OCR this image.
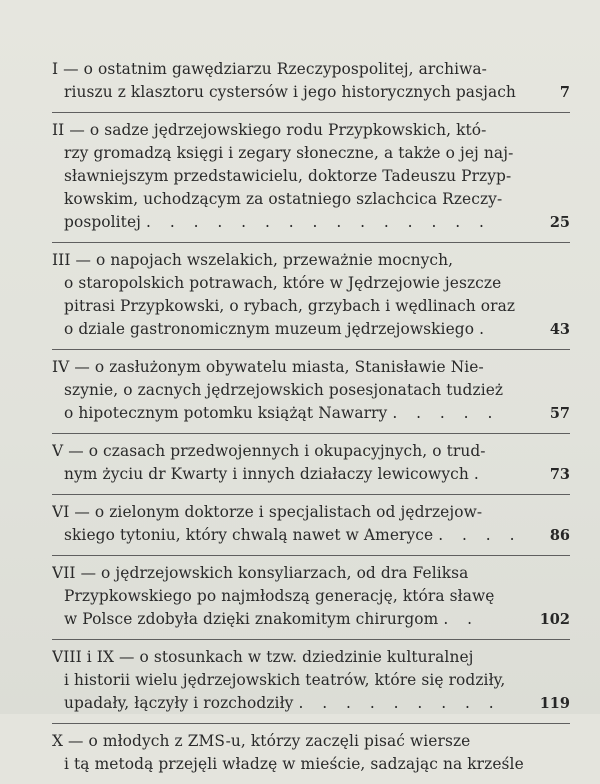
I — o ostatnim gawędziarzu Rzeczypospolitej, archiwa-
riuszu z klasztoru cystersów i jego historycznych pasjach	7
II — o sadze jędrzejowskiego rodu Przypkowskich, któ-
rzy gromadzą księgi i zegary słoneczne, a także o jej naj-
sławniejszym przedstawicielu, doktorze Tadeuszu Przyp-
kowskim, uchodzącym za ostatniego szlachcica Rzeczy-
pospolitej . . . . . . . . . . . . . . .	25
III — o napojach wszelakich, przeważnie mocnych,
o staropolskich potrawach, które w Jędrzejowie jeszcze
pitrasi Przypkowski, o rybach, grzybach i wędlinach oraz
o dziale gastronomicznym muzeum jędrzejowskiego .	43
IV — o zasłużonym obywatelu miasta, Stanisławie Nie-
szynie, o zacnych jędrzejowskich posesjonatach tudzież
o hipotecznym potomku książąt Nawarry . . . . .	57
V — o czasach przedwojennych i okupacyjnych, o trud-
nym życiu dr Kwarty i innych działaczy lewicowych .	73
VI — o zielonym doktorze i specjalistach od jędrzejow-
skiego tytoniu, który chwalą nawet w Ameryce . . . .	86
VII — o jędrzejowskich konsyliarzach, od dra Feliksa
Przypkowskiego po najmłodszą generację, która sławę
w Polsce zdobyła dzięki znakomitym chirurgom . .	102
VIII i IX — o stosunkach w tzw. dziedzinie kulturalnej
i historii wielu jędrzejowskich teatrów, które się rodziły,
upadały, łączyły i rozchodziły . . . . . . . . .	119
X — o młodych z ZMS-u, którzy zaczęli pisać wiersze
i tą metodą przejęli władzę w mieście, sadzając na krześle
